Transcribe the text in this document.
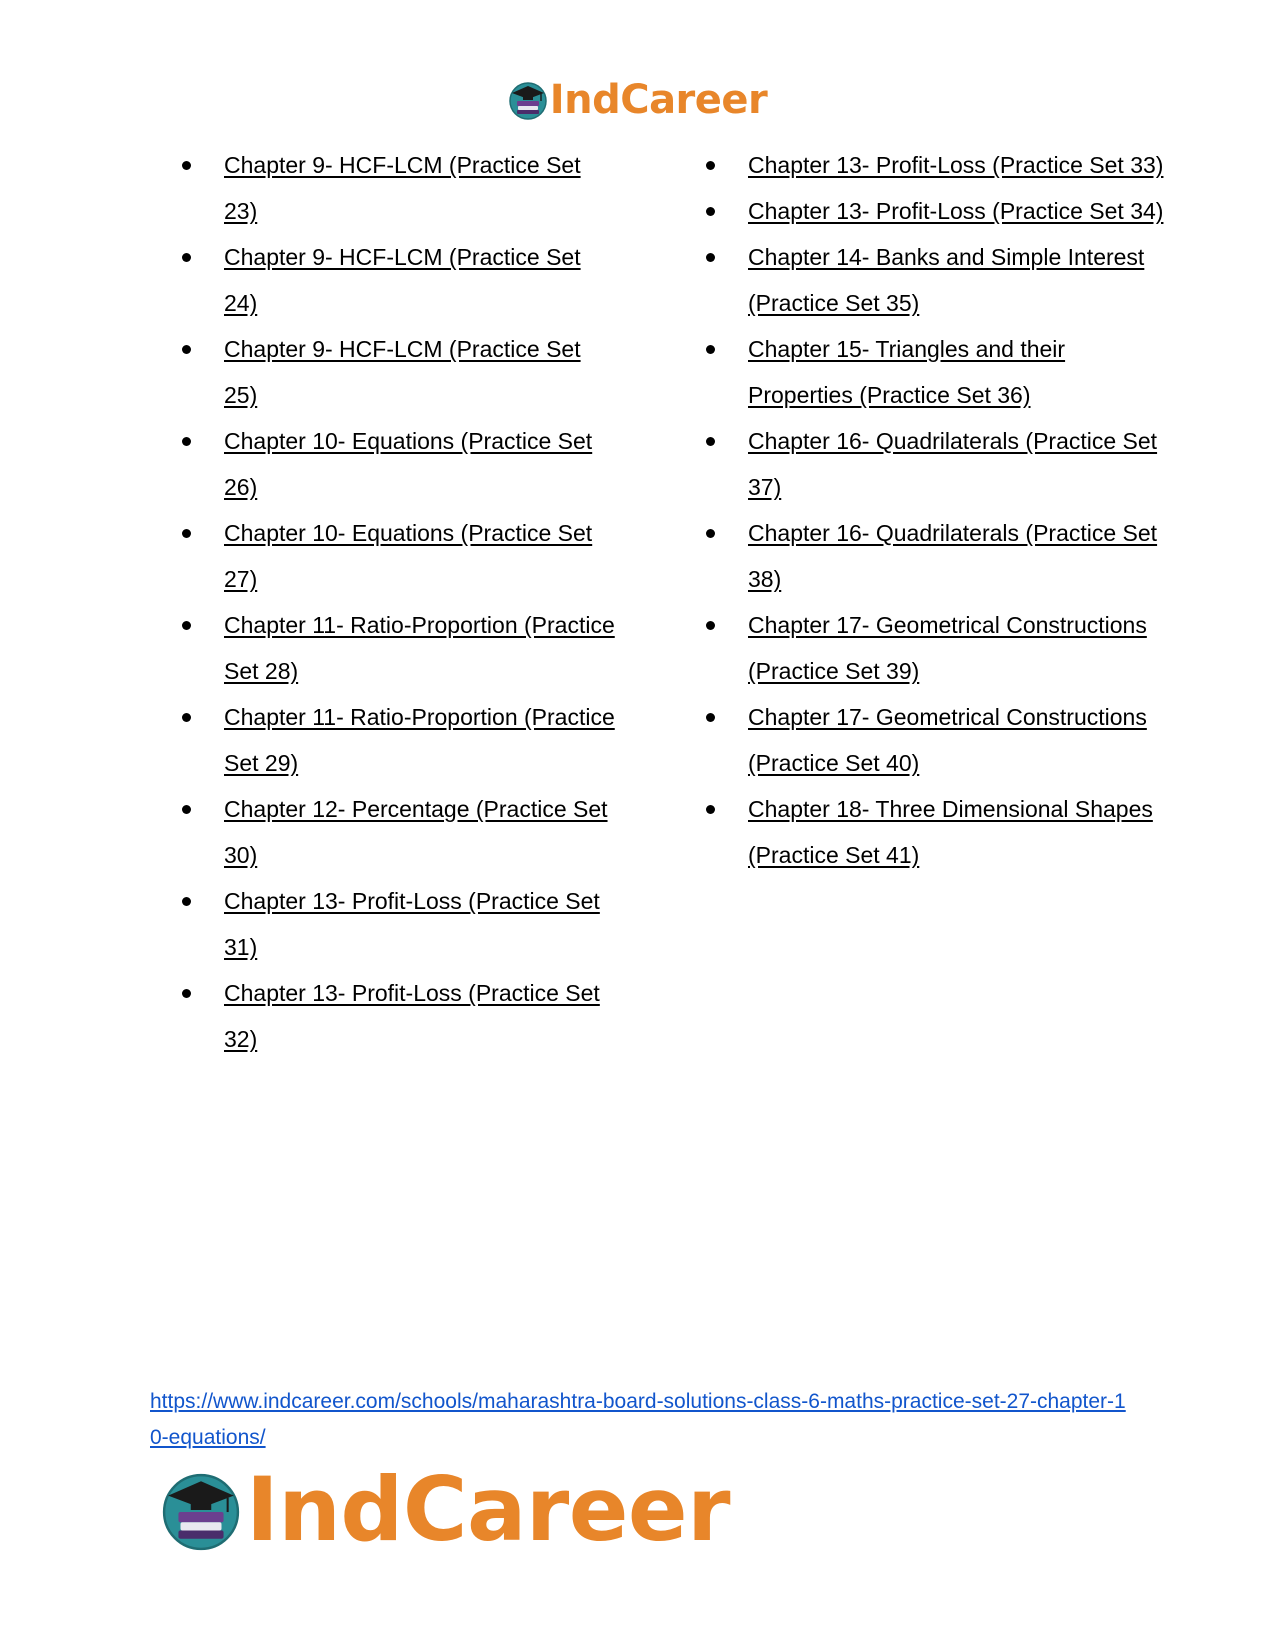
IndCareer
Chapter 9- HCF-LCM (Practice Set 23)
Chapter 9- HCF-LCM (Practice Set 24)
Chapter 9- HCF-LCM (Practice Set 25)
Chapter 10- Equations (Practice Set 26)
Chapter 10- Equations (Practice Set 27)
Chapter 11- Ratio-Proportion (Practice Set 28)
Chapter 11- Ratio-Proportion (Practice Set 29)
Chapter 12- Percentage (Practice Set 30)
Chapter 13- Profit-Loss (Practice Set 31)
Chapter 13- Profit-Loss (Practice Set 32)
Chapter 13- Profit-Loss (Practice Set 33)
Chapter 13- Profit-Loss (Practice Set 34)
Chapter 14- Banks and Simple Interest (Practice Set 35)
Chapter 15- Triangles and their Properties (Practice Set 36)
Chapter 16- Quadrilaterals (Practice Set 37)
Chapter 16- Quadrilaterals (Practice Set 38)
Chapter 17- Geometrical Constructions (Practice Set 39)
Chapter 17- Geometrical Constructions (Practice Set 40)
Chapter 18- Three Dimensional Shapes (Practice Set 41)
https://www.indcareer.com/schools/maharashtra-board-solutions-class-6-maths-practice-set-27-chapter-10-equations/
IndCareer
